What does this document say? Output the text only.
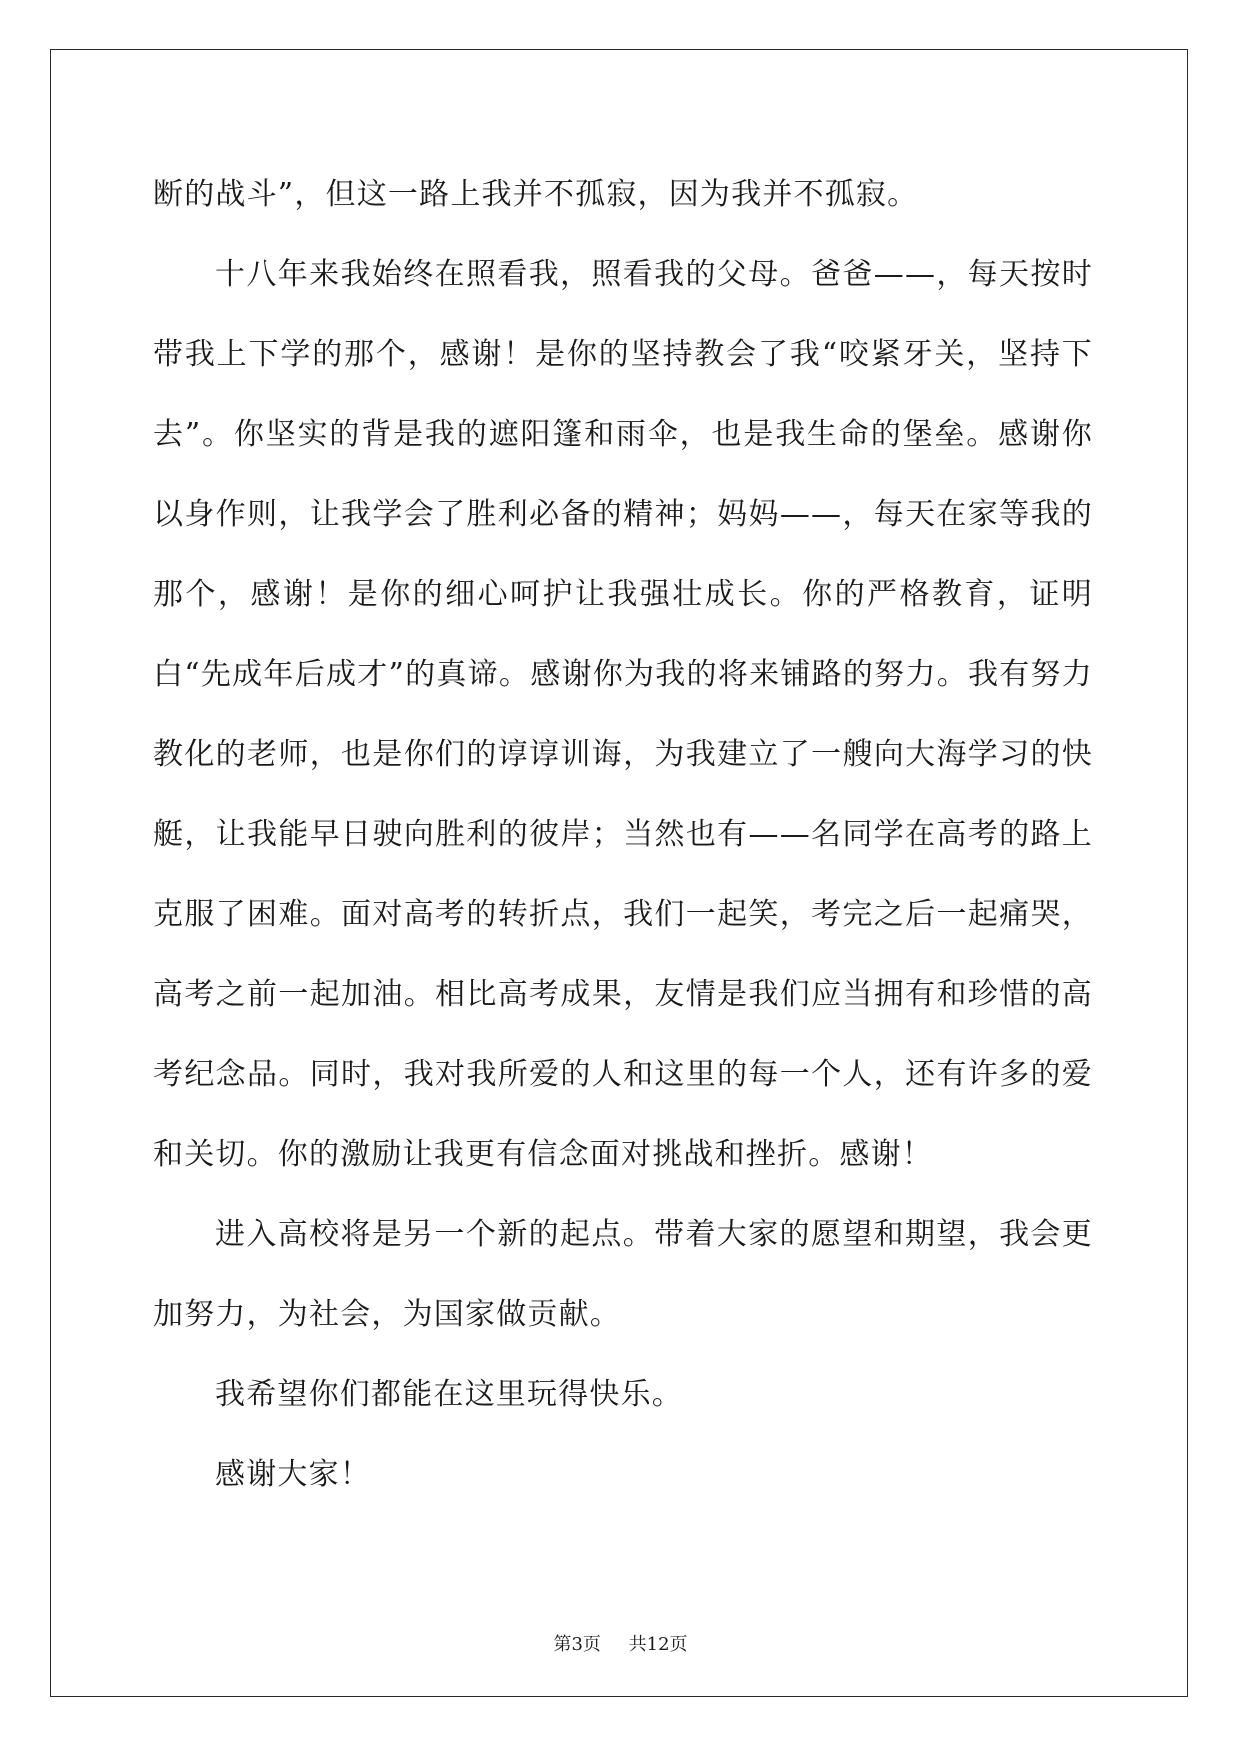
断的战斗”，但这一路上我并不孤寂，因为我并不孤寂。

十八年来我始终在照看我，照看我的父母。爸爸——，每天按时带我上下学的那个，感谢！是你的坚持教会了我“咬紧牙关，坚持下去”。你坚实的背是我的遮阳篷和雨伞，也是我生命的堡垒。感谢你以身作则，让我学会了胜利必备的精神；妈妈——，每天在家等我的那个，感谢！是你的细心呵护让我强壮成长。你的严格教育，证明白“先成年后成才”的真谛。感谢你为我的将来铺路的努力。我有努力教化的老师，也是你们的谆谆训诲，为我建立了一艘向大海学习的快艇，让我能早日驶向胜利的彼岸；当然也有——名同学在高考的路上克服了困难。面对高考的转折点，我们一起笑，考完之后一起痛哭，高考之前一起加油。相比高考成果，友情是我们应当拥有和珍惜的高考纪念品。同时，我对我所爱的人和这里的每一个人，还有许多的爱和关切。你的激励让我更有信念面对挑战和挫折。感谢！

进入高校将是另一个新的起点。带着大家的愿望和期望，我会更加努力，为社会，为国家做贡献。

我希望你们都能在这里玩得快乐。

感谢大家！

第3页 共12页
